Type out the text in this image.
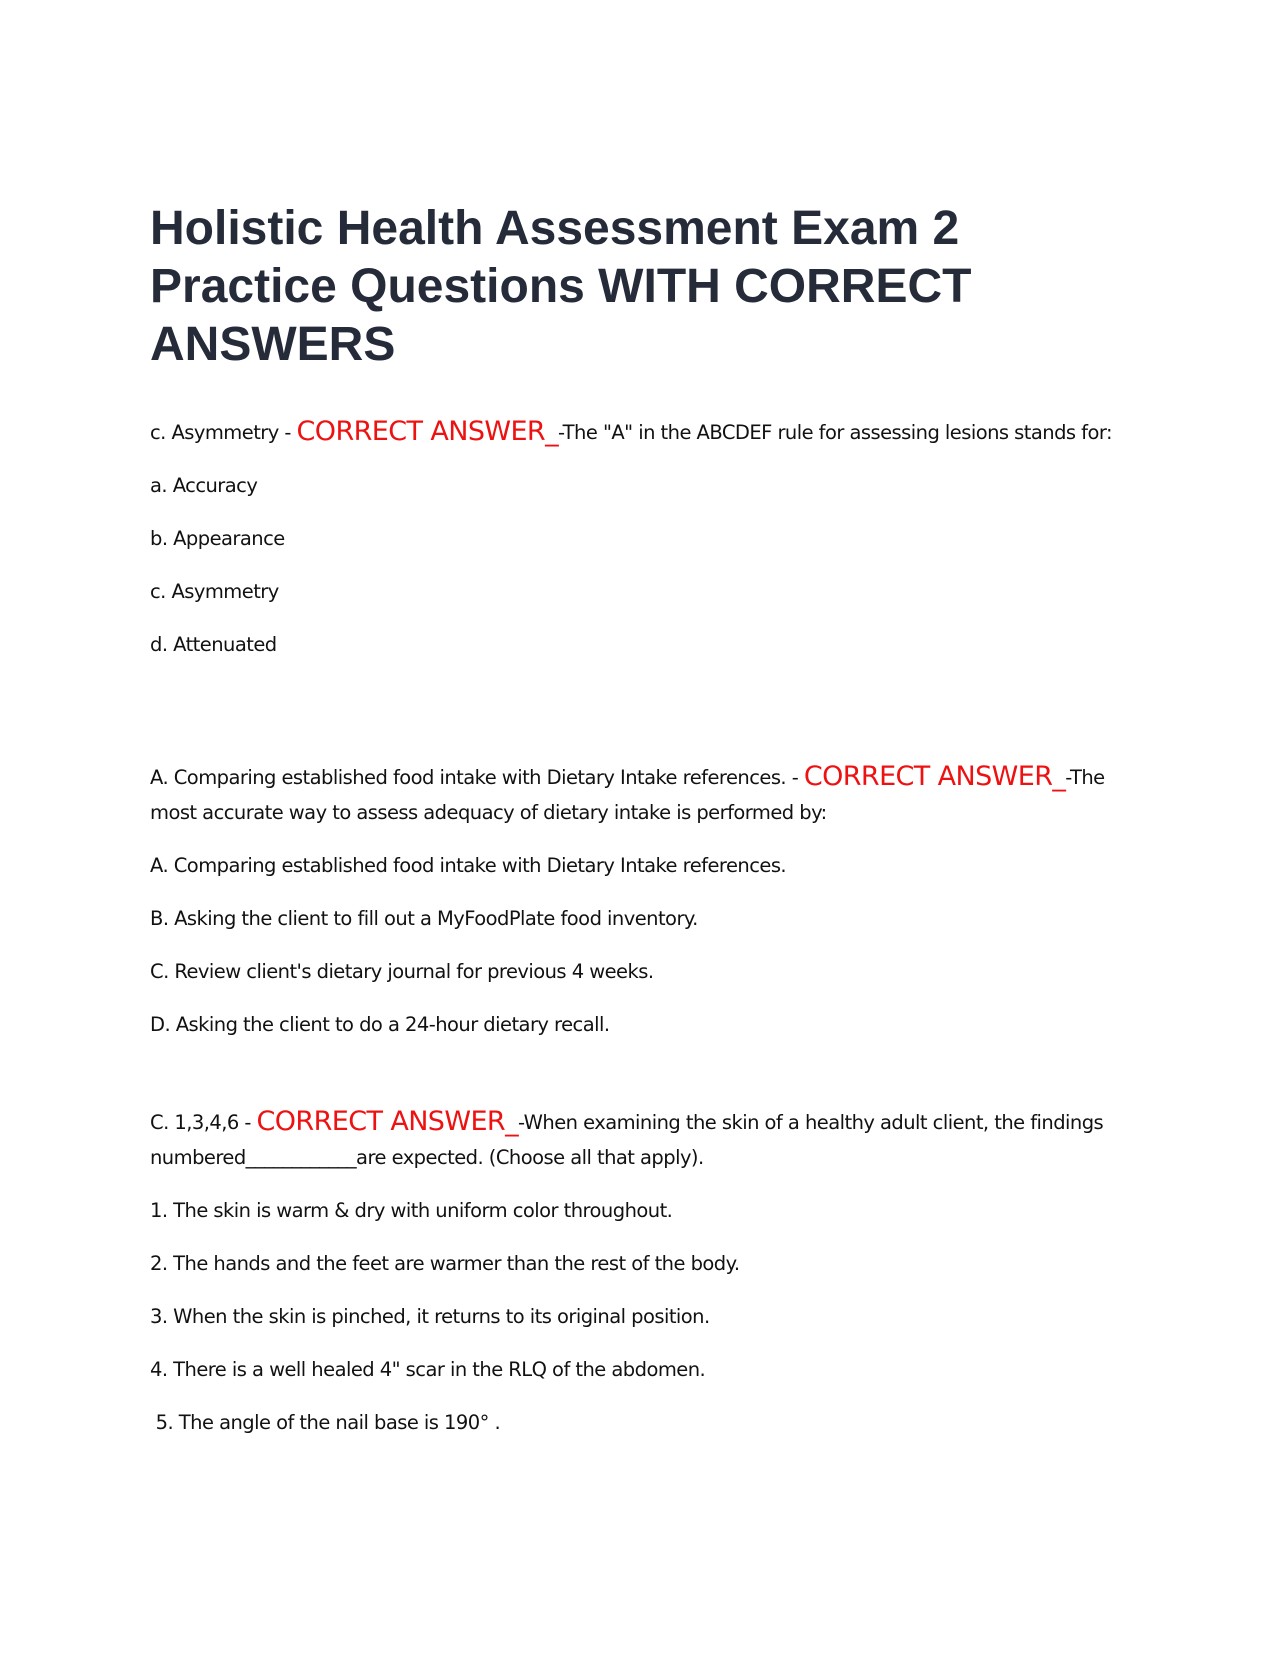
Holistic Health Assessment Exam 2 Practice Questions WITH CORRECT ANSWERS

c. Asymmetry - CORRECT ANSWER_-The "A" in the ABCDEF rule for assessing lesions stands for:

a. Accuracy

b. Appearance

c. Asymmetry

d. Attenuated

A. Comparing established food intake with Dietary Intake references. - CORRECT ANSWER_-The most accurate way to assess adequacy of dietary intake is performed by:

A. Comparing established food intake with Dietary Intake references.

B. Asking the client to fill out a MyFoodPlate food inventory.

C. Review client's dietary journal for previous 4 weeks.

D. Asking the client to do a 24-hour dietary recall.

C. 1,3,4,6 - CORRECT ANSWER_-When examining the skin of a healthy adult client, the findings numbered____________are expected. (Choose all that apply).

1. The skin is warm & dry with uniform color throughout.

2. The hands and the feet are warmer than the rest of the body.

3. When the skin is pinched, it returns to its original position.

4. There is a well healed 4" scar in the RLQ of the abdomen.

5. The angle of the nail base is 190° .
